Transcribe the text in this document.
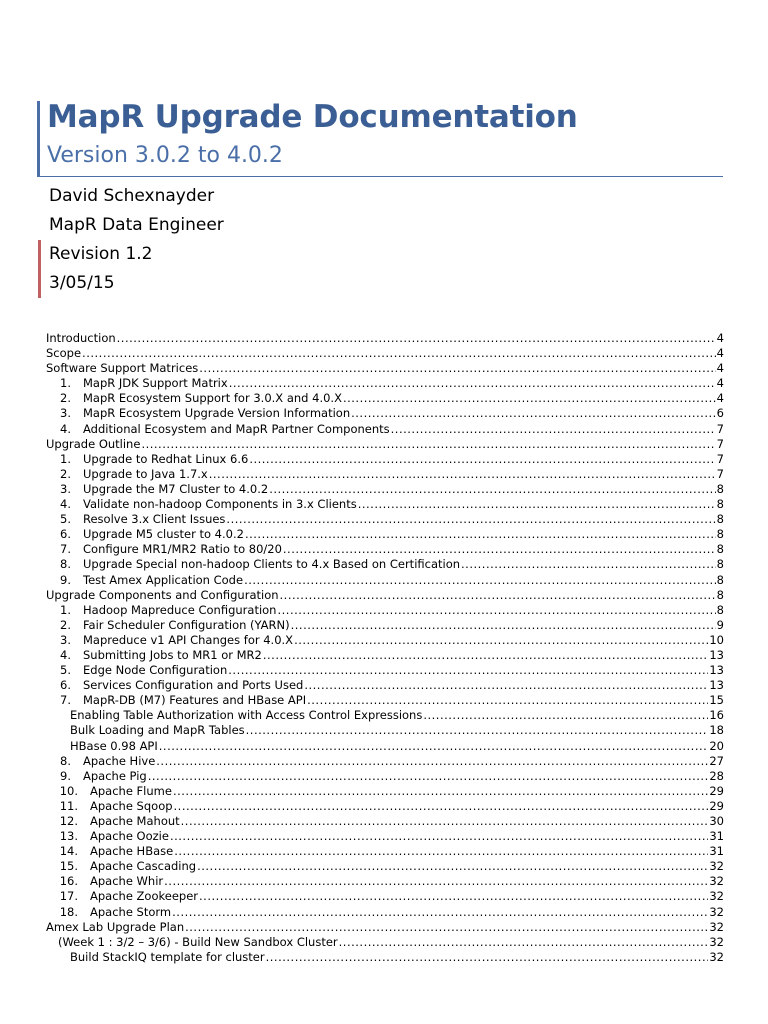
MapR Upgrade Documentation
Version 3.0.2 to 4.0.2
David Schexnayder
MapR Data Engineer
Revision 1.2
3/05/15
Introduction .....	4
Scope .....	4
Software Support Matrices .....	4
1. MapR JDK Support Matrix .....	4
2. MapR Ecosystem Support for 3.0.X and 4.0.X .....	4
3. MapR Ecosystem Upgrade Version Information .....	6
4. Additional Ecosystem and MapR Partner Components .....	7
Upgrade Outline .....	7
1. Upgrade to Redhat Linux 6.6 .....	7
2. Upgrade to Java 1.7.x .....	7
3. Upgrade the M7 Cluster to 4.0.2 .....	8
4. Validate non-hadoop Components in 3.x Clients .....	8
5. Resolve 3.x Client Issues .....	8
6. Upgrade M5 cluster to 4.0.2 .....	8
7. Configure MR1/MR2 Ratio to 80/20 .....	8
8. Upgrade Special non-hadoop Clients to 4.x Based on Certification .....	8
9. Test Amex Application Code .....	8
Upgrade Components and Configuration .....	8
1. Hadoop Mapreduce Configuration .....	8
2. Fair Scheduler Configuration (YARN) .....	9
3. Mapreduce v1 API Changes for 4.0.X .....	10
4. Submitting Jobs to MR1 or MR2 .....	13
5. Edge Node Configuration .....	13
6. Services Configuration and Ports Used .....	13
7. MapR-DB (M7) Features and HBase API .....	15
Enabling Table Authorization with Access Control Expressions .....	16
Bulk Loading and MapR Tables .....	18
HBase 0.98 API .....	20
8. Apache Hive .....	27
9. Apache Pig .....	28
10. Apache Flume .....	29
11. Apache Sqoop .....	29
12. Apache Mahout .....	30
13. Apache Oozie .....	31
14. Apache HBase .....	31
15. Apache Cascading .....	32
16. Apache Whir .....	32
17. Apache Zookeeper .....	32
18. Apache Storm .....	32
Amex Lab Upgrade Plan .....	32
(Week 1 : 3/2 – 3/6) - Build New Sandbox Cluster .....	32
Build StackIQ template for cluster .....	32
